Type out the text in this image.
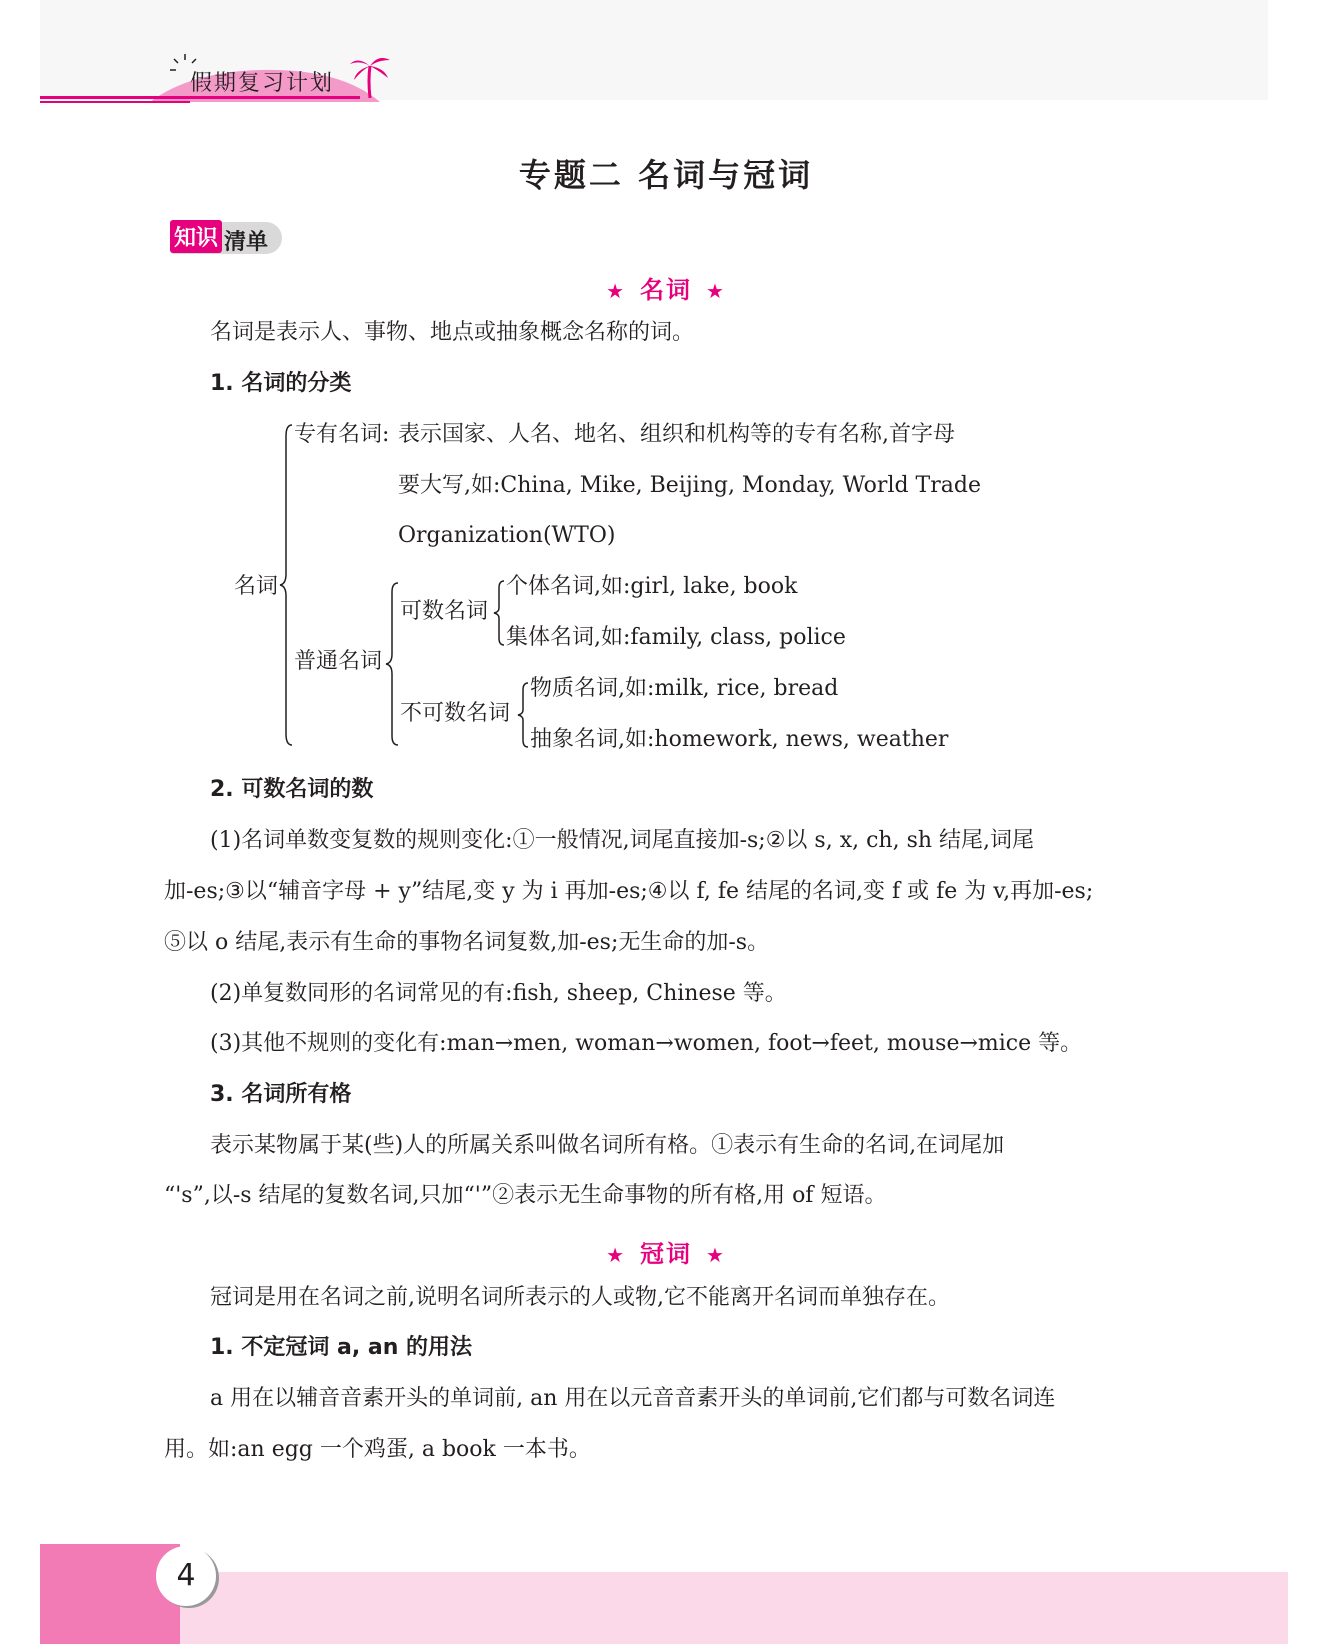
假期复习计划
专题二 名词与冠词
知识 清单
★ 名词 ★
名词是表示人、事物、地点或抽象概念名称的词。
1. 名词的分类
名词
专有名词: 表示国家、人名、地名、组织和机构等的专有名称,首字母
要大写,如:China, Mike, Beijing, Monday, World Trade
Organization(WTO)
普通名词
可数名词
个体名词,如:girl, lake, book
集体名词,如:family, class, police
不可数名词
物质名词,如:milk, rice, bread
抽象名词,如:homework, news, weather
2. 可数名词的数
(1)名词单数变复数的规则变化:①一般情况,词尾直接加-s;②以 s, x, ch, sh 结尾,词尾
加-es;③以“辅音字母 + y”结尾,变 y 为 i 再加-es;④以 f, fe 结尾的名词,变 f 或 fe 为 v,再加-es;
⑤以 o 结尾,表示有生命的事物名词复数,加-es;无生命的加-s。
(2)单复数同形的名词常见的有:fish, sheep, Chinese 等。
(3)其他不规则的变化有:man→men, woman→women, foot→feet, mouse→mice 等。
3. 名词所有格
表示某物属于某(些)人的所属关系叫做名词所有格。①表示有生命的名词,在词尾加
“'s”,以-s 结尾的复数名词,只加“'”②表示无生命事物的所有格,用 of 短语。
★ 冠词 ★
冠词是用在名词之前,说明名词所表示的人或物,它不能离开名词而单独存在。
1. 不定冠词 a, an 的用法
a 用在以辅音音素开头的单词前, an 用在以元音音素开头的单词前,它们都与可数名词连
用。如:an egg 一个鸡蛋, a book 一本书。
4
